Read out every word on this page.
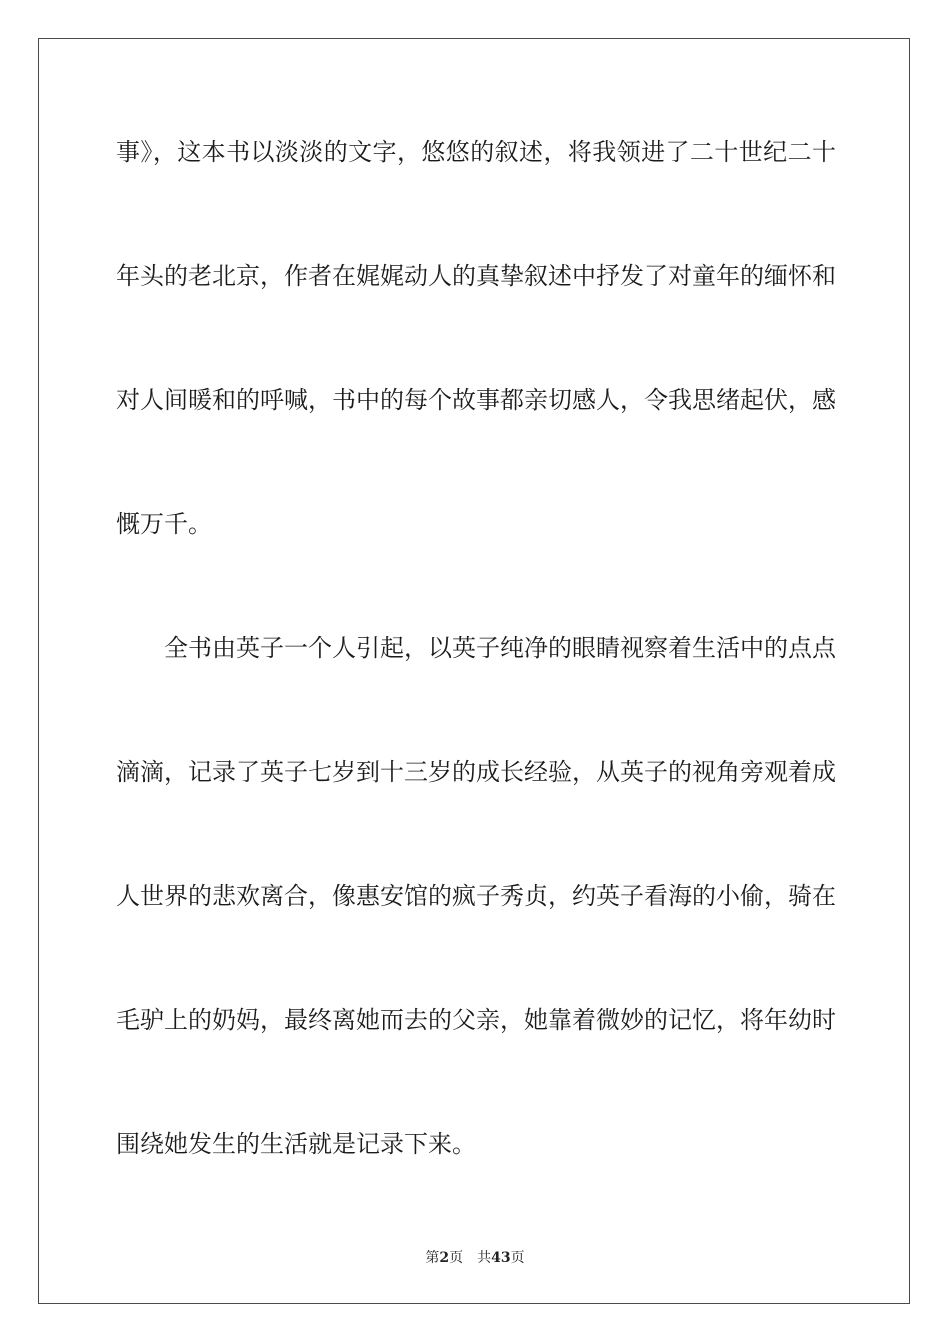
事》，这本书以淡淡的文字，悠悠的叙述，将我领进了二十世纪二十
年头的老北京，作者在娓娓动人的真挚叙述中抒发了对童年的缅怀和
对人间暖和的呼喊，书中的每个故事都亲切感人，令我思绪起伏，感
慨万千。
全书由英子一个人引起，以英子纯净的眼睛视察着生活中的点点
滴滴，记录了英子七岁到十三岁的成长经验，从英子的视角旁观着成
人世界的悲欢离合，像惠安馆的疯子秀贞，约英子看海的小偷，骑在
毛驴上的奶妈，最终离她而去的父亲，她靠着微妙的记忆，将年幼时
围绕她发生的生活就是记录下来。
第2页 共43页
